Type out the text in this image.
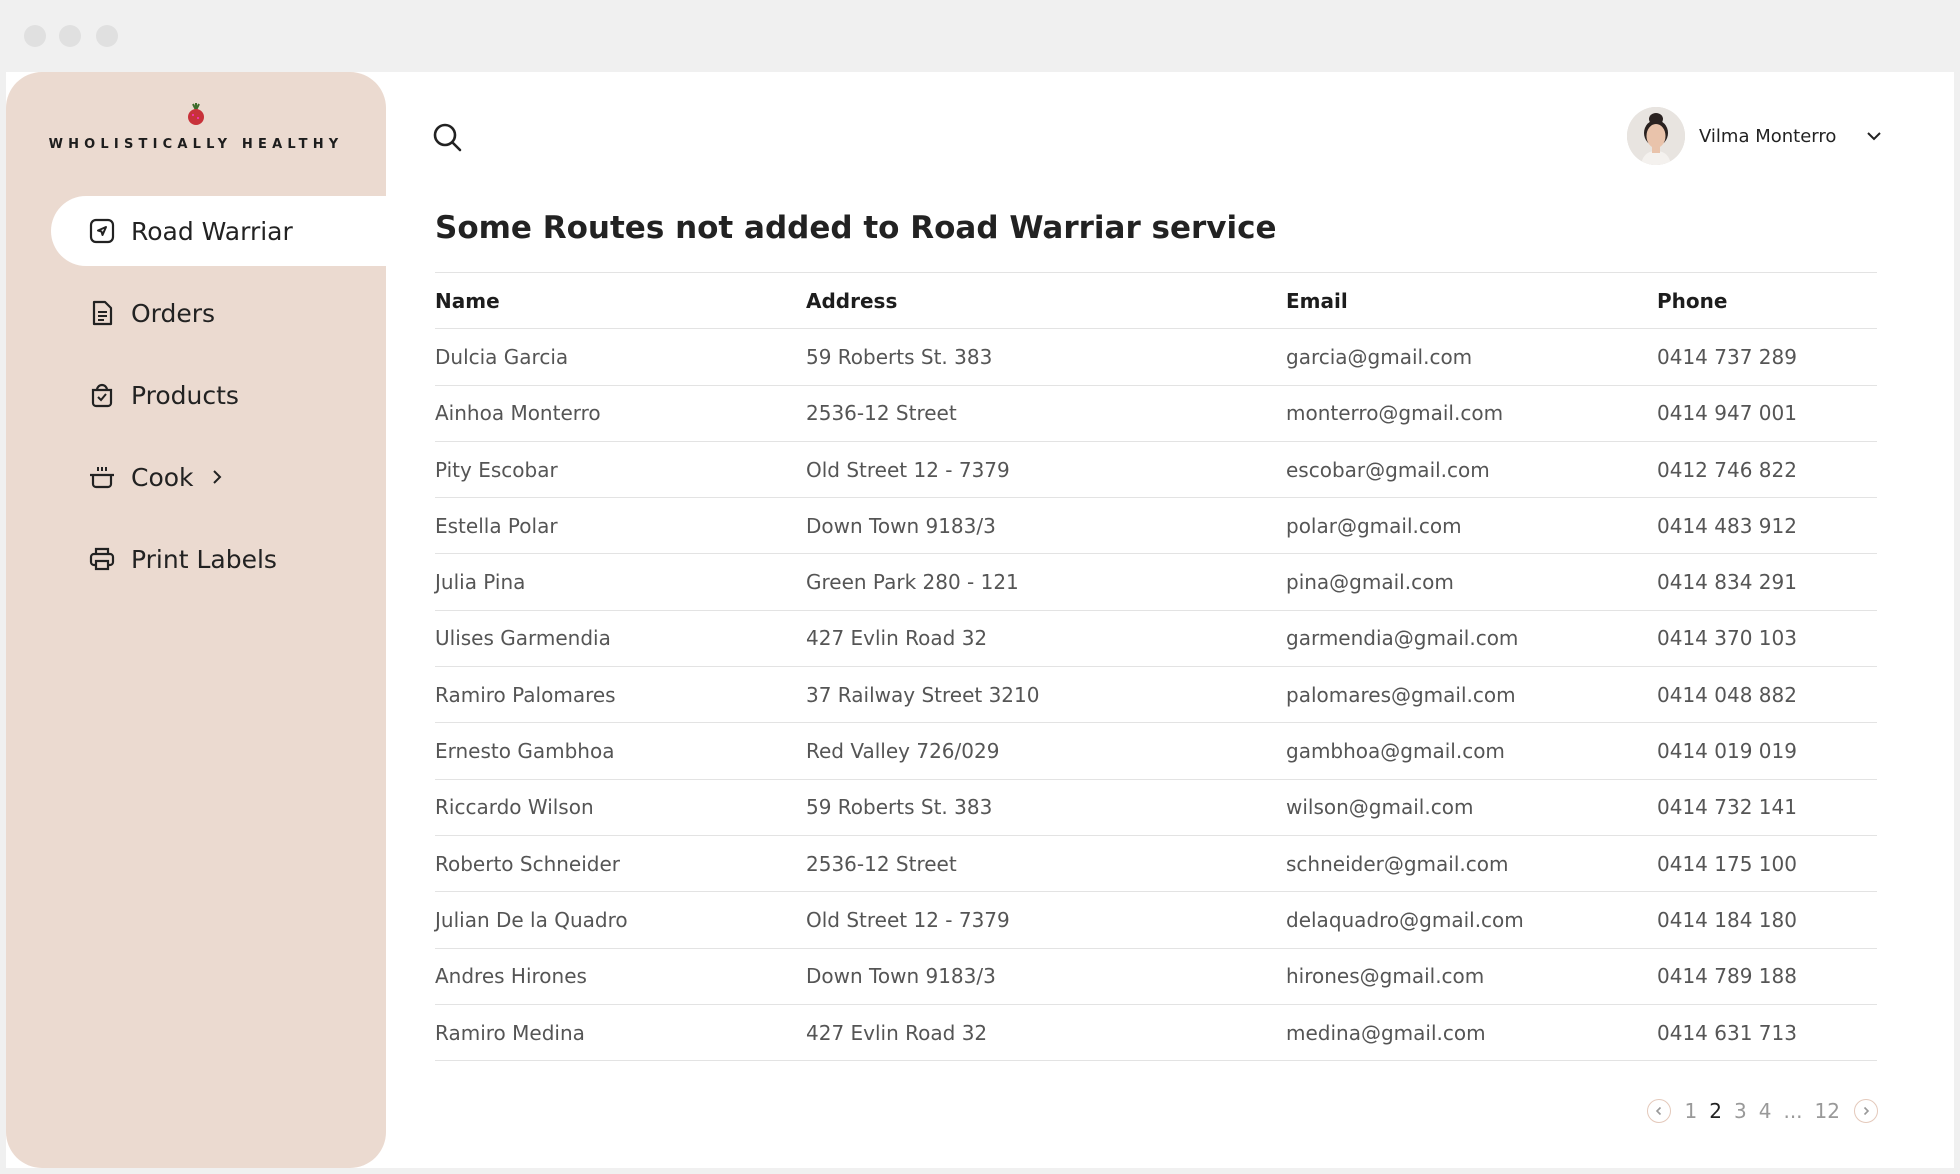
WHOLISTICALLY HEALTHY
Road Warriar
Orders
Products
Cook
Print Labels
Vilma Monterro
Some Routes not added to Road Warriar service
Name	Address	Email	Phone
Dulcia Garcia	59 Roberts St. 383	garcia@gmail.com	0414 737 289
Ainhoa Monterro	2536-12 Street	monterro@gmail.com	0414 947 001
Pity Escobar	Old Street 12 - 7379	escobar@gmail.com	0412 746 822
Estella Polar	Down Town 9183/3	polar@gmail.com	0414 483 912
Julia Pina	Green Park 280 - 121	pina@gmail.com	0414 834 291
Ulises Garmendia	427 Evlin Road 32	garmendia@gmail.com	0414 370 103
Ramiro Palomares	37 Railway Street 3210	palomares@gmail.com	0414 048 882
Ernesto Gambhoa	Red Valley 726/029	gambhoa@gmail.com	0414 019 019
Riccardo Wilson	59 Roberts St. 383	wilson@gmail.com	0414 732 141
Roberto Schneider	2536-12 Street	schneider@gmail.com	0414 175 100
Julian De la Quadro	Old Street 12 - 7379	delaquadro@gmail.com	0414 184 180
Andres Hirones	Down Town 9183/3	hirones@gmail.com	0414 789 188
Ramiro Medina	427 Evlin Road 32	medina@gmail.com	0414 631 713
1 2 3 4 ... 12
